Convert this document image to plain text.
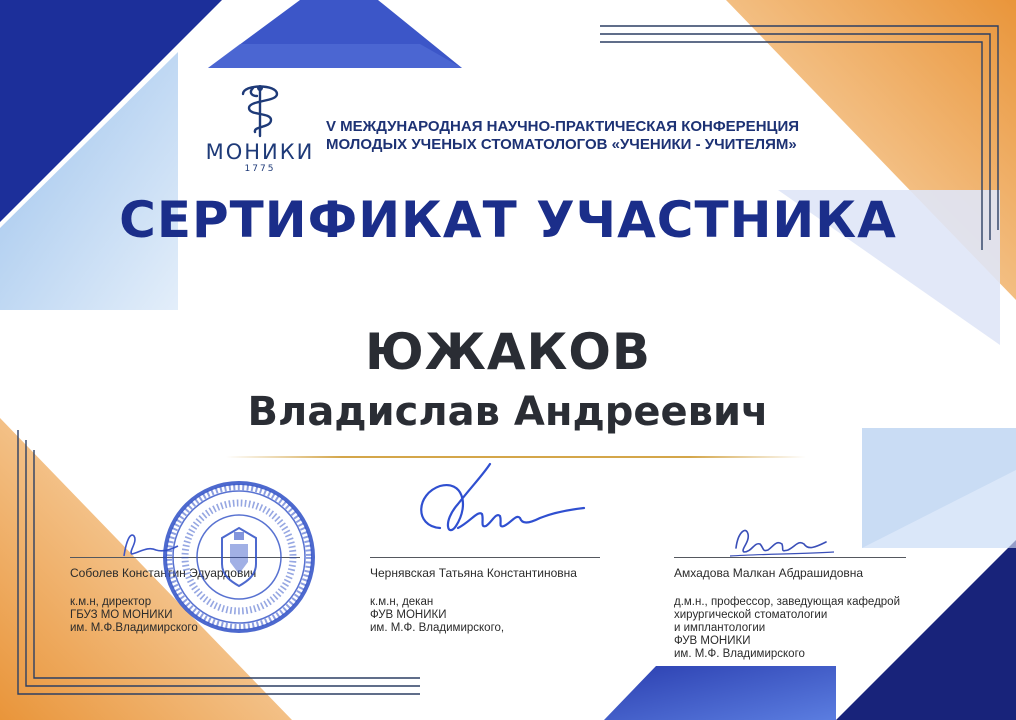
МОНИКИ
1775
V МЕЖДУНАРОДНАЯ НАУЧНО-ПРАКТИЧЕСКАЯ КОНФЕРЕНЦИЯ
МОЛОДЫХ УЧЕНЫХ СТОМАТОЛОГОВ «УЧЕНИКИ - УЧИТЕЛЯМ»
СЕРТИФИКАТ УЧАСТНИКА
ЮЖАКОВ
Владислав Андреевич
Соболев Константин Эдуардович
к.м.н, директор
ГБУЗ МО МОНИКИ
им. М.Ф.Владимирского
Чернявская Татьяна Константиновна
к.м.н, декан
ФУВ МОНИКИ
им. М.Ф. Владимирского,
Амхадова Малкан Абдрашидовна
д.м.н., профессор, заведующая кафедрой
хирургической стоматологии
и имплантологии
ФУВ МОНИКИ
им. М.Ф. Владимирского
